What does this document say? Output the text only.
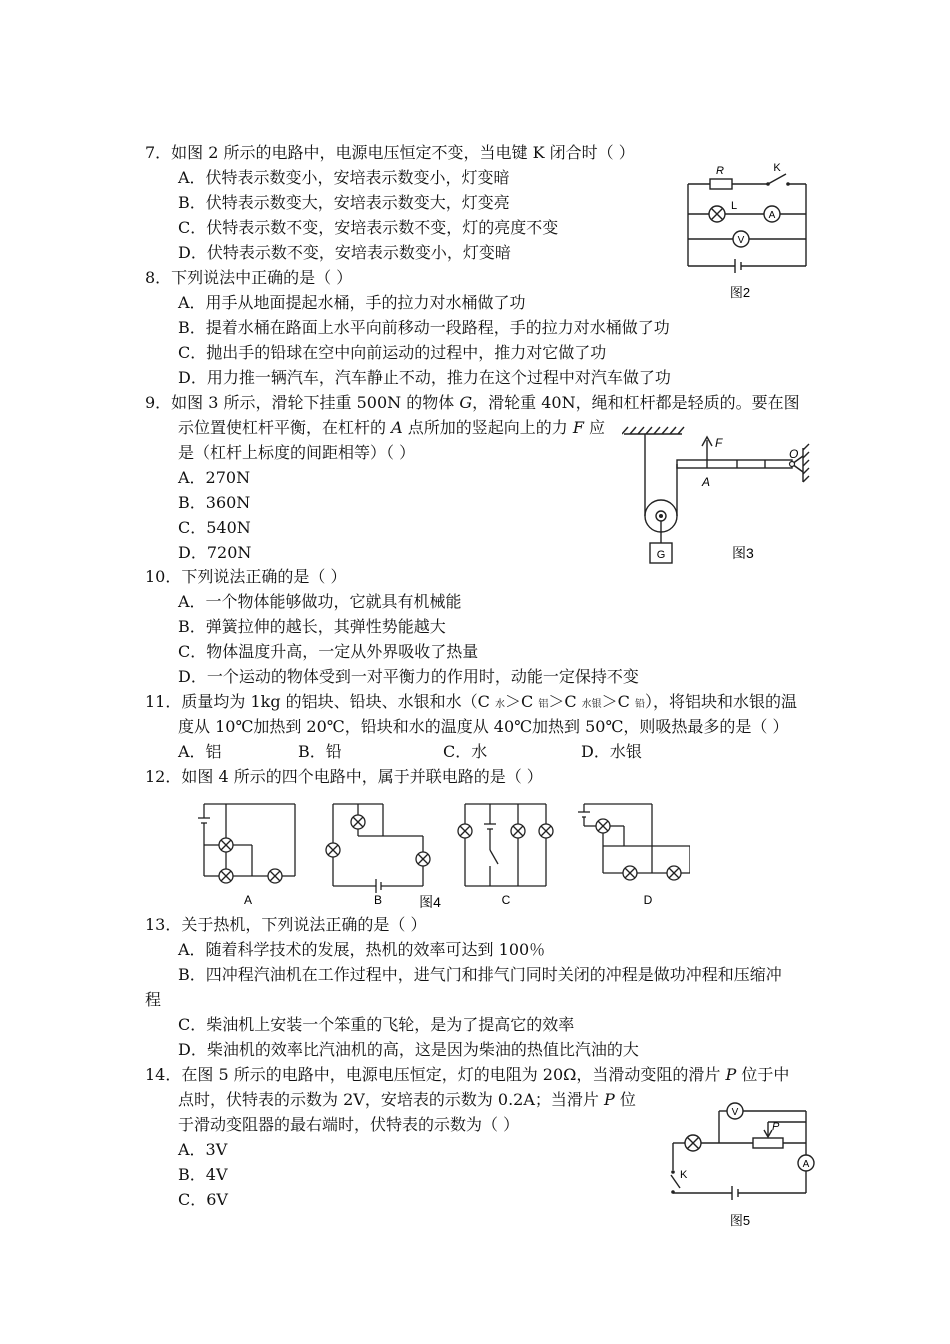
7．如图 2 所示的电路中，电源电压恒定不变，当电键 K 闭合时（ ）
A．伏特表示数变小，安培表示数变小，灯变暗
B．伏特表示数变大，安培表示数变大，灯变亮
C．伏特表示数不变，安培表示数不变，灯的亮度不变
D．伏特表示数不变，安培表示数变小，灯变暗
R	K
L
A
V
图2
8．下列说法中正确的是（ ）
A．用手从地面提起水桶，手的拉力对水桶做了功
B．提着水桶在路面上水平向前移动一段路程，手的拉力对水桶做了功
C．抛出手的铅球在空中向前运动的过程中，推力对它做了功
D．用力推一辆汽车，汽车静止不动，推力在这个过程中对汽车做了功
9．如图 3 所示，滑轮下挂重 500N 的物体 G，滑轮重 40N，绳和杠杆都是轻质的。要在图
示位置使杠杆平衡，在杠杆的 A 点所加的竖起向上的力 F 应
是（杠杆上标度的间距相等）（ ）
A．270N
B．360N
C．540N
D．720N
F
A
O
G	图3
10．下列说法正确的是（ ）
A．一个物体能够做功，它就具有机械能
B．弹簧拉伸的越长，其弹性势能越大
C．物体温度升高，一定从外界吸收了热量
D．一个运动的物体受到一对平衡力的作用时，动能一定保持不变
11．质量均为 1kg 的铝块、铅块、水银和水（C 水＞C 铝＞C 水银＞C 铅），将铝块和水银的温
度从 10℃加热到 20℃，铅块和水的温度从 40℃加热到 50℃，则吸热最多的是（ ）
A．铝	B．铅	C．水	D．水银
12．如图 4 所示的四个电路中，属于并联电路的是（ ）
A	B	C	D
图4
13．关于热机，下列说法正确的是（ ）
A．随着科学技术的发展，热机的效率可达到 100％
B．四冲程汽油机在工作过程中，进气门和排气门同时关闭的冲程是做功冲程和压缩冲
程
C．柴油机上安装一个笨重的飞轮，是为了提高它的效率
D．柴油机的效率比汽油机的高，这是因为柴油的热值比汽油的大
14．在图 5 所示的电路中，电源电压恒定，灯的电阻为 20Ω，当滑动变阻的滑片 P 位于中
点时，伏特表的示数为 2V，安培表的示数为 0.2A；当滑片 P 位
于滑动变阻器的最右端时，伏特表的示数为（ ）
A．3V
B．4V
C．6V
V
P
K
A
图5
